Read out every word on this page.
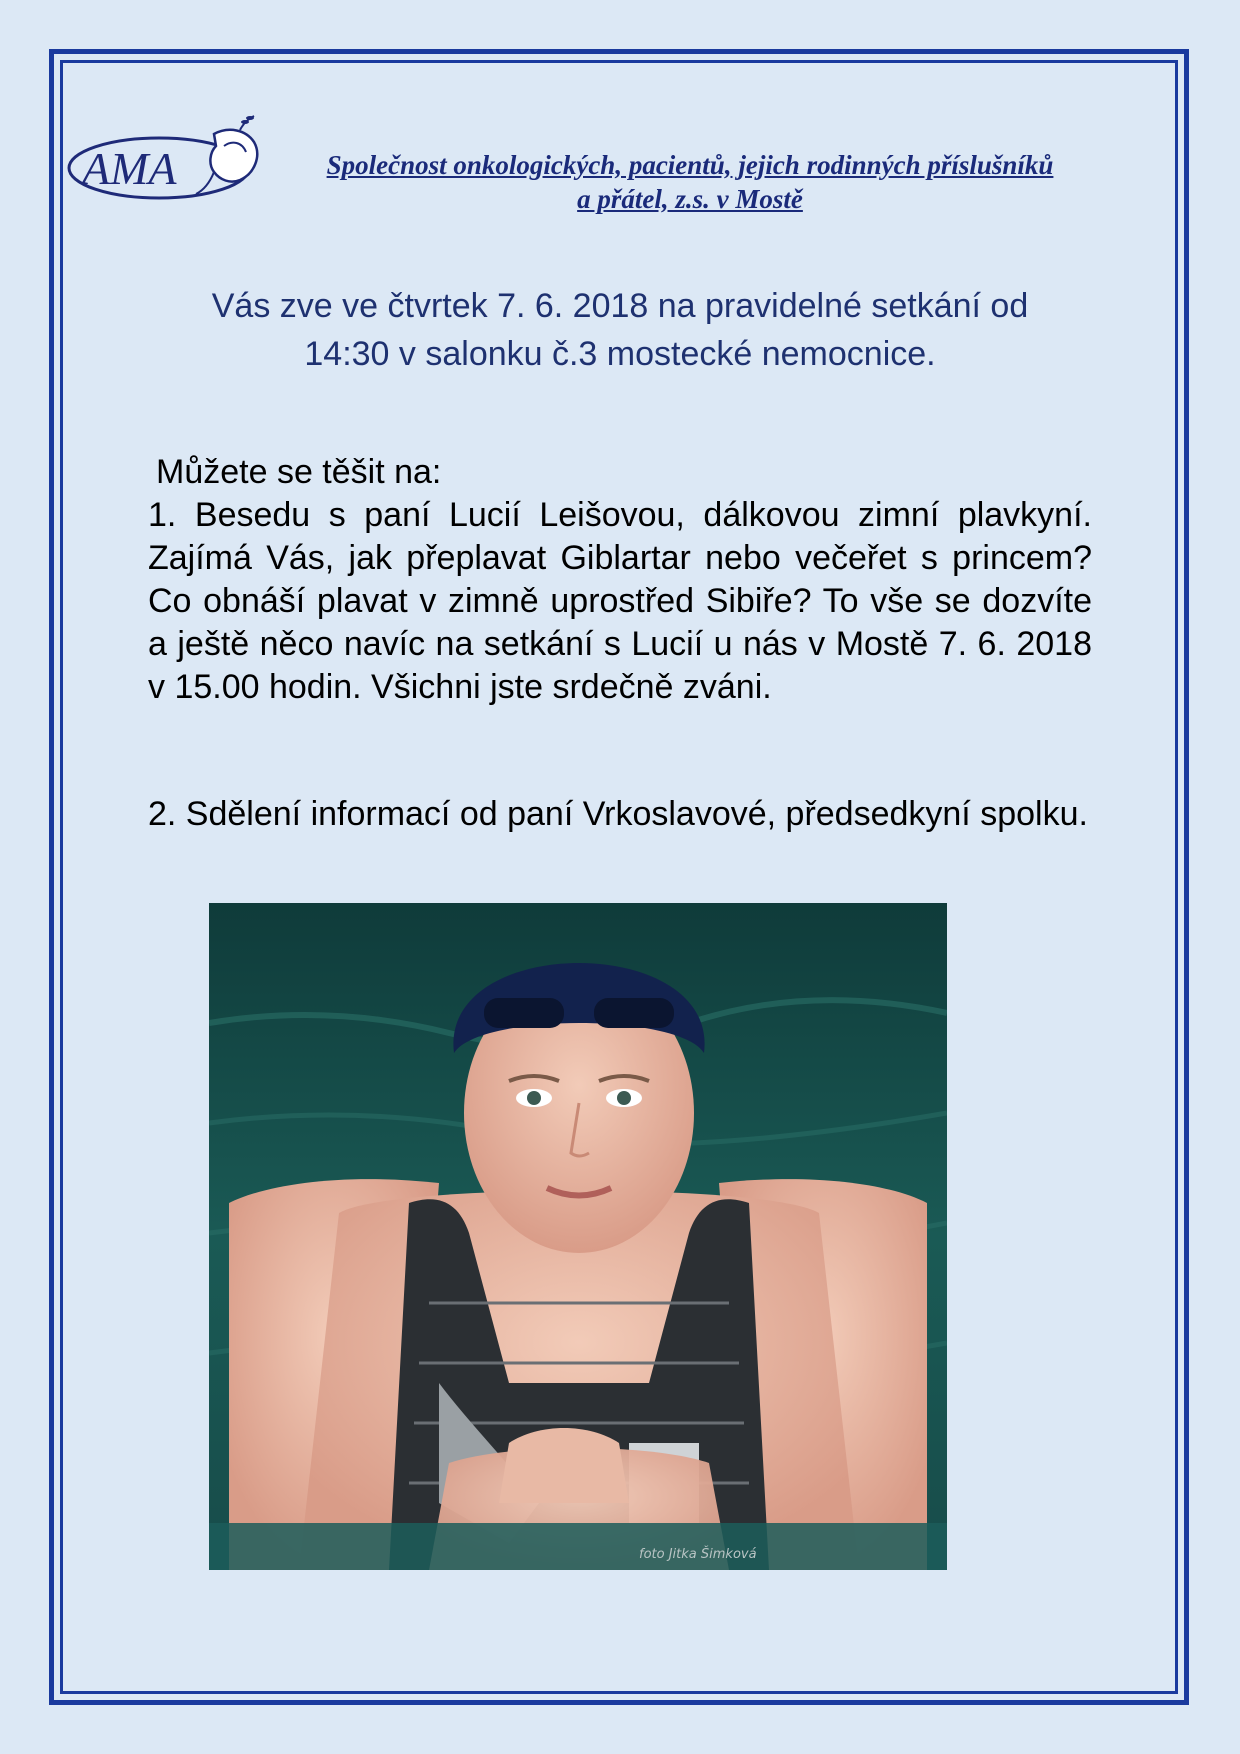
AMA	Společnost onkologických, pacientů, jejich rodinných příslušníků
a přátel, z.s. v Mostě

Vás zve ve čtvrtek 7. 6. 2018 na pravidelné setkání od
14:30 v salonku č.3 mostecké nemocnice.

Můžete se těšit na:

1. Besedu s paní Lucií Leišovou, dálkovou zimní plavkyní. Zajímá Vás, jak přeplavat Giblartar nebo večeřet s princem? Co obnáší plavat v zimně uprostřed Sibiře? To vše se dozvíte a ještě něco navíc na setkání s Lucií u nás v Mostě 7. 6. 2018 v 15.00 hodin. Všichni jste srdečně zváni.

2. Sdělení informací od paní Vrkoslavové, předsedkyní spolku.

foto Jitka Šimková
